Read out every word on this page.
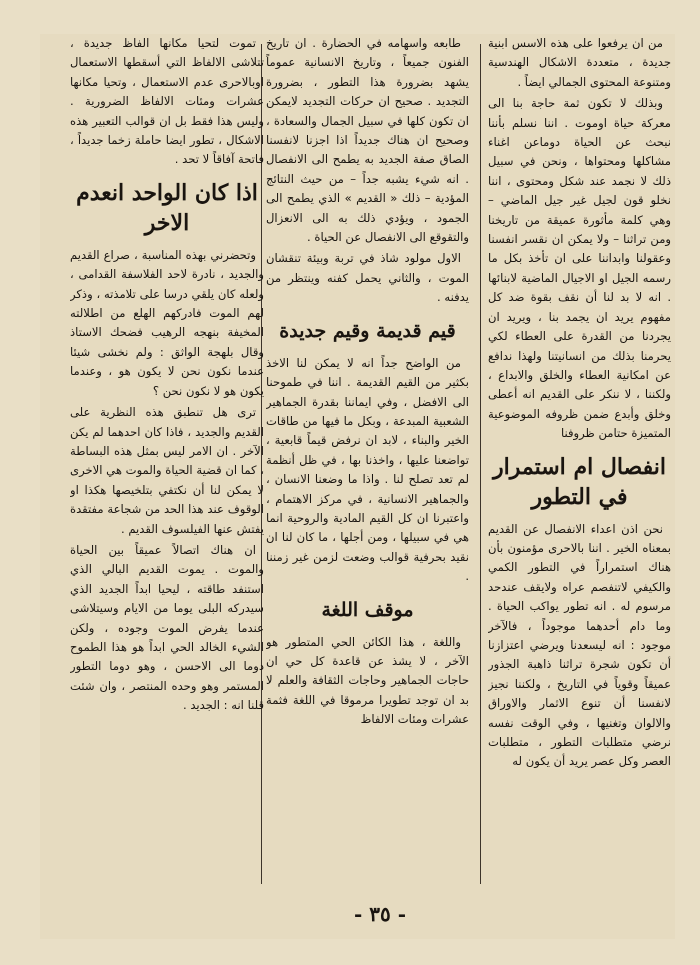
من ان يرفعوا على هذه الاسس ابنية جديدة ، متعددة الاشكال الهندسية ومتنوعة المحتوى الجمالي ايضاً .

وبذلك لا تكون ثمة حاجة بنا الى معركة حياة اوموت . اننا نسلم بأننا نبحث عن الحياة دوماعن اغناء مشاكلها ومحتواها ، ونحن في سبيل ذلك لا نجمد عند شكل ومحتوى ، اننا نخلو قون لجيل غير جيل الماضي – وهي كلمة مأثورة عميقة من تاريخنا ومن تراثنا – ولا يمكن ان نقسر انفسنا وعقولنا وابداننا على ان تأخذ بكل ما رسمه الجيل او الاجيال الماضية لابنائها . انه لا بد لنا أن نقف بقوة ضد كل مفهوم يريد ان يجمد بنا ، ويريد ان يجردنا من القدرة على العطاء لكي يحرمنا بذلك من انسانيتنا ولهذا ندافع عن امكانية العطاء والخلق والابداع ، ولكننا ، لا ننكر على القديم انه أعطى وخلق وأبدع ضمن ظروفه الموضوعية المتميزة حتامن ظروفنا

انفصال ام استمرار في التطور

نحن اذن اعداء الانفصال عن القديم بمعناه الخير . اننا بالاحرى مؤمنون بأن هناك استمراراً في التطور الكمي والكيفي لاتنفصم عراه ولايقف عندحد مرسوم له . انه تطور يواكب الحياة . وما دام أحدهما موجوداً ، فالآخر موجود : انه ليسعدنا ويرضي اعتزازنا أن تكون شجرة تراثنا ذاهبة الجذور عميقاً وقوياً في التاريخ ، ولكننا نجيز لانفسنا أن تنوع الاثمار والاوراق والالوان وتغنيها ، وفي الوقت نفسه نرضي متطلبات التطور ، متطلبات العصر وكل عصر يريد أن يكون له

طابعه واسهامه في الحضارة . ان تاريخ الفنون جميعاً ، وتاريخ الانسانية عموماً يشهد بضرورة هذا التطور ، بضرورة التجديد . صحيح ان حركات التجديد لايمكن ان تكون كلها في سبيل الجمال والسعادة ، وصحيح ان هناك جديداً اذا اجزنا لانفسنا الصاق صفة الجديد به يطمح الى الانفصال . انه شيء يشبه جداً – من حيث النتائج المؤدية – ذلك « القديم » الذي يطمح الى الجمود ، ويؤدي ذلك به الى الانعزال والتقوقع الى الانفصال عن الحياة .

الاول مولود شاذ في تربة وبيئة تنقشان الموت ، والثاني يحمل كفنه وينتظر من يدفنه .

قيم قديمة وقيم جديدة

من الواضح جداً انه لا يمكن لنا الاخذ بكثير من القيم القديمة . اننا في طموحنا الى الافضل ، وفي ايماننا بقدرة الجماهير الشعبية المبدعة ، وبكل ما فيها من طاقات الخير والبناء ، لابد ان نرفض قيماً قابعية ، تواضعنا عليها ، واخذنا بها ، في ظل أنظمة لم تعد تصلح لنا . واذا ما وضعنا الانسان ، والجماهير الانسانية ، في مركز الاهتمام ، واعتبرنا ان كل القيم المادية والروحية انما هي في سبيلها ، ومن أجلها ، ما كان لنا ان نقيد بحرفية قوالب وضعت لزمن غير زمننا .

موقف اللغة

واللغة ، هذا الكائن الحي المتطور هو الآخر ، لا يشذ عن قاعدة كل حي ان حاجات الجماهير وحاجات الثقافة والعلم لا بد ان توجد تطويرا مرموقا في اللغة فثمة عشرات ومئات الالفاظ

تموت لتحيا مكانها الفاظ جديدة ، تتلاشى الالفاظ التي أسقطها الاستعمال اوبالاحرى عدم الاستعمال ، وتحيا مكانها عشرات ومئات الالفاظ الضرورية . وليس هذا فقط بل ان قوالب التعبير هذه الاشكال ، تطور ايضا حاملة زخما جديداً ، فاتحة آفاقاً لا تحد .

اذا كان الواحد انعدم الاخر

وتحضرني بهذه المناسبة ، صراع القديم والجديد ، نادرة لاحد الفلاسفة القدامى ، ولعله كان يلقي درسا على تلامذته ، وذكر لهم الموت فادركهم الهلع من اطلالته المخيفة بنهجه الرهيب فضحك الاستاذ وقال بلهجة الواثق : ولم نخشى شيئا عندما نكون نحن لا يكون هو ، وعندما يكون هو لا نكون نحن ؟

ترى هل تنطبق هذه النظرية على القديم والجديد ، فاذا كان احدهما لم يكن الآخر . ان الامر ليس بمثل هذه البساطة ، كما ان قضية الحياة والموت هي الاخرى لا يمكن لنا أن نكتفي بتلخيصها هكذا او الوقوف عند هذا الحد من شجاعة مفتقدة يفتش عنها الفيلسوف القديم .

ان هناك اتصالاً عميقاً بين الحياة والموت . يموت القديم البالي الذي استنفد طاقته ، ليحيا ابداً الجديد الذي سيدركه البلى يوما من الايام وسيتلاشى عندما يفرض الموت وجوده ، ولكن الشيء الخالد الحي ابداً هو هذا الطموح دوما الى الاحسن ، وهو دوما التطور المستمر وهو وحده المنتصر ، وان شئت قلنا انه : الجديد .

- ٣٥ -
